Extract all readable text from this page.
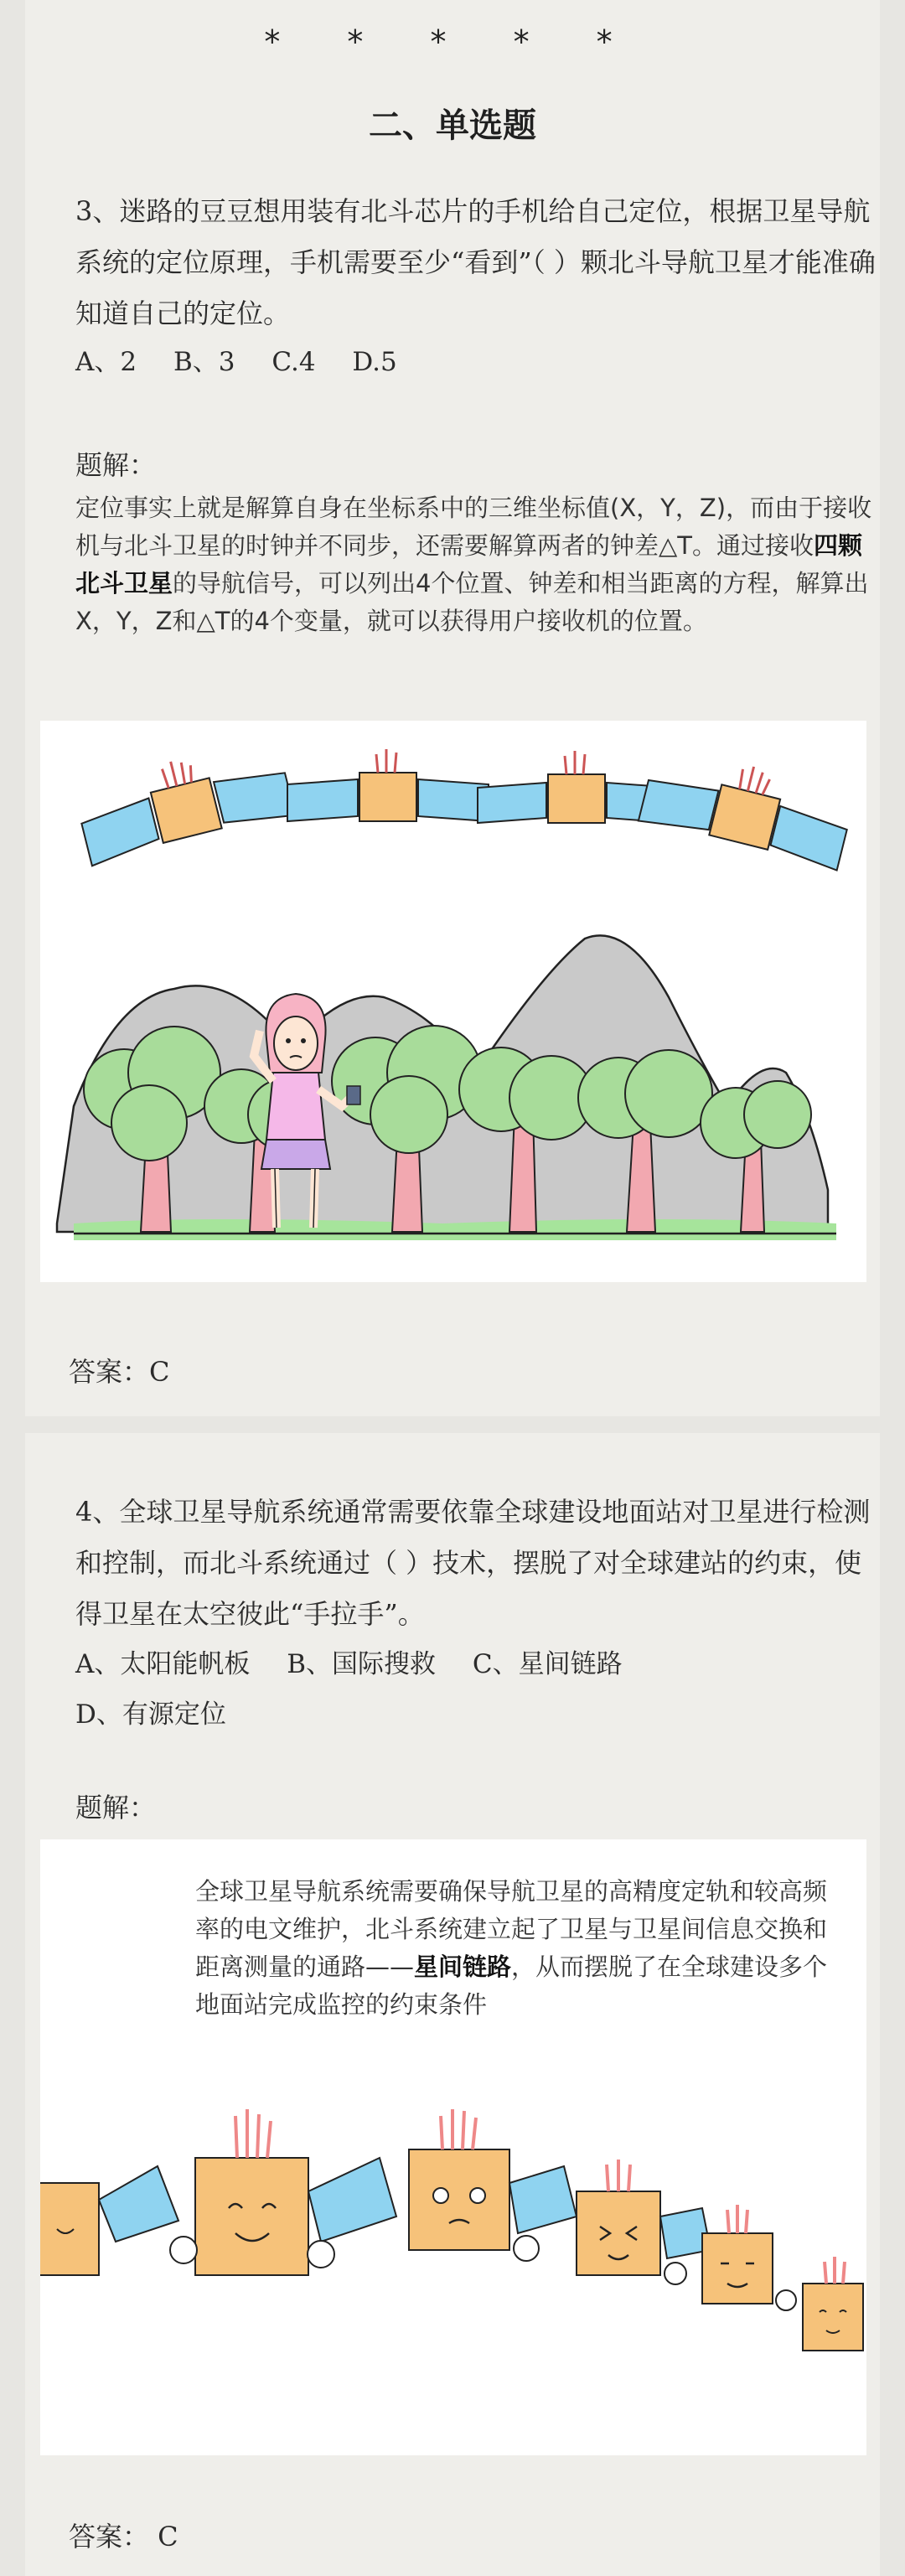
* * * * *
二、单选题

3、迷路的豆豆想用装有北斗芯片的手机给自己定位，根据卫星导航系统的定位原理，手机需要至少“看到”（ ）颗北斗导航卫星才能准确知道自己的定位。

A、2 B、3 C.4 D.5

题解：

定位事实上就是解算自身在坐标系中的三维坐标值(X，Y，Z)，而由于接收机与北斗卫星的时钟并不同步，还需要解算两者的钟差△T。通过接收四颗北斗卫星的导航信号，可以列出4个位置、钟差和相当距离的方程，解算出X，Y，Z和△T的4个变量，就可以获得用户接收机的位置。

答案：C

4、全球卫星导航系统通常需要依靠全球建设地面站对卫星进行检测和控制，而北斗系统通过（ ）技术，摆脱了对全球建站的约束，使得卫星在太空彼此“手拉手”。

A、太阳能帆板 B、国际搜救 C、星间链路

D、有源定位

题解：

全球卫星导航系统需要确保导航卫星的高精度定轨和较高频率的电文维护，北斗系统建立起了卫星与卫星间信息交换和距离测量的通路——星间链路，从而摆脱了在全球建设多个地面站完成监控的约束条件

答案： C
